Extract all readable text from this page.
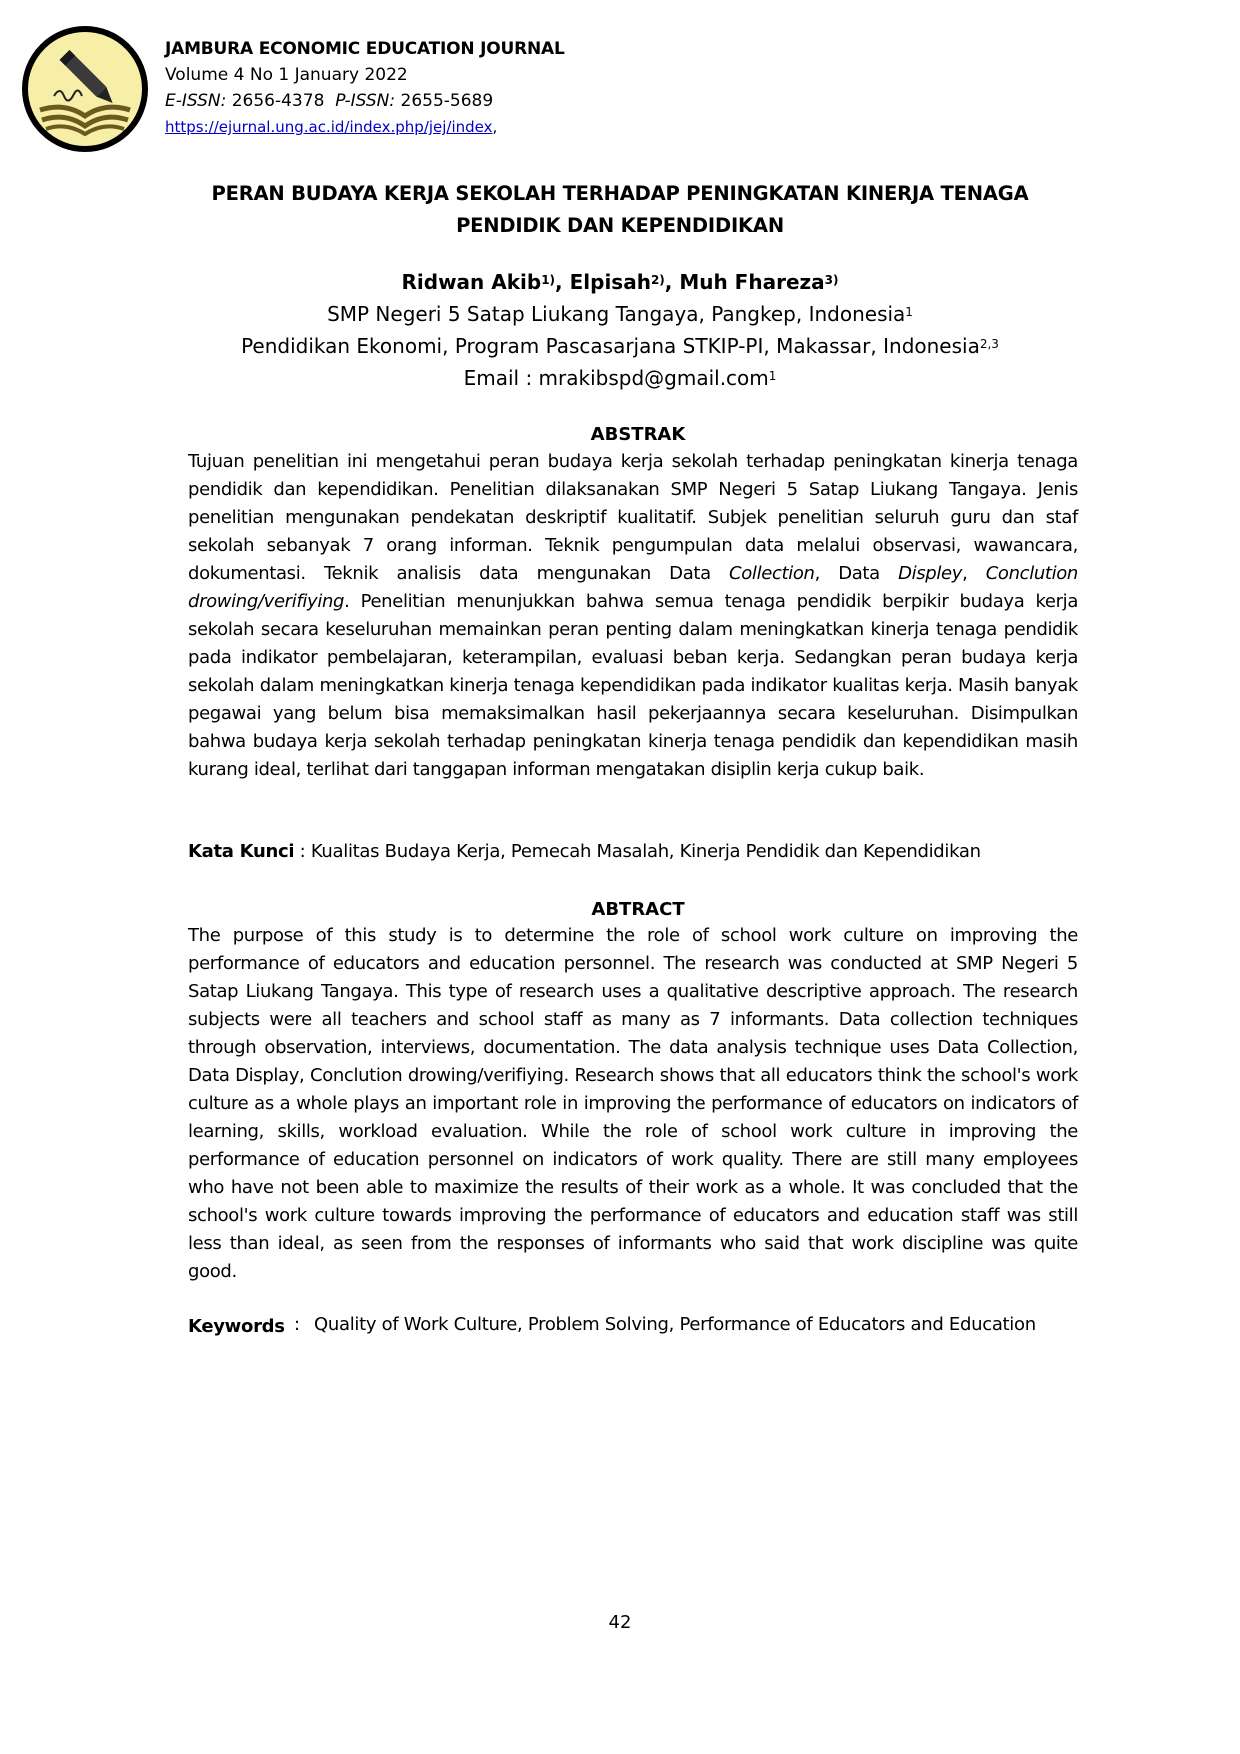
JAMBURA ECONOMIC EDUCATION JOURNAL
Volume 4 No 1 January 2022
E-ISSN: 2656-4378 P-ISSN: 2655-5689
https://ejurnal.ung.ac.id/index.php/jej/index,
PERAN BUDAYA KERJA SEKOLAH TERHADAP PENINGKATAN KINERJA TENAGA
PENDIDIK DAN KEPENDIDIKAN
Ridwan Akib$^{1)}$, Elpisah$^{2)}$, Muh Fhareza$^{3)}$
SMP Negeri 5 Satap Liukang Tangaya, Pangkep, Indonesia$^1$
Pendidikan Ekonomi, Program Pascasarjana STKIP-PI, Makassar, Indonesia$^{2,3}$
Email : mrakibspd@gmail.com$^1$
ABSTRAK
Tujuan penelitian ini mengetahui peran budaya kerja sekolah terhadap peningkatan kinerja tenaga pendidik dan kependidikan. Penelitian dilaksanakan SMP Negeri 5 Satap Liukang Tangaya. Jenis penelitian mengunakan pendekatan deskriptif kualitatif. Subjek penelitian seluruh guru dan staf sekolah sebanyak 7 orang informan. Teknik pengumpulan data melalui observasi, wawancara, dokumentasi. Teknik analisis data mengunakan Data Collection, Data Displey, Conclution drowing/verifiying. Penelitian menunjukkan bahwa semua tenaga pendidik berpikir budaya kerja sekolah secara keseluruhan memainkan peran penting dalam meningkatkan kinerja tenaga pendidik pada indikator pembelajaran, keterampilan, evaluasi beban kerja. Sedangkan peran budaya kerja sekolah dalam meningkatkan kinerja tenaga kependidikan pada indikator kualitas kerja. Masih banyak pegawai yang belum bisa memaksimalkan hasil pekerjaannya secara keseluruhan. Disimpulkan bahwa budaya kerja sekolah terhadap peningkatan kinerja tenaga pendidik dan kependidikan masih kurang ideal, terlihat dari tanggapan informan mengatakan disiplin kerja cukup baik.
Kata Kunci : Kualitas Budaya Kerja, Pemecah Masalah, Kinerja Pendidik dan Kependidikan
ABTRACT
The purpose of this study is to determine the role of school work culture on improving the performance of educators and education personnel. The research was conducted at SMP Negeri 5 Satap Liukang Tangaya. This type of research uses a qualitative descriptive approach. The research subjects were all teachers and school staff as many as 7 informants. Data collection techniques through observation, interviews, documentation. The data analysis technique uses Data Collection, Data Display, Conclution drowing/verifiying. Research shows that all educators think the school's work culture as a whole plays an important role in improving the performance of educators on indicators of learning, skills, workload evaluation. While the role of school work culture in improving the performance of education personnel on indicators of work quality. There are still many employees who have not been able to maximize the results of their work as a whole. It was concluded that the school's work culture towards improving the performance of educators and education staff was still less than ideal, as seen from the responses of informants who said that work discipline was quite good.
Keywords : Quality of Work Culture, Problem Solving, Performance of Educators and Education
42
